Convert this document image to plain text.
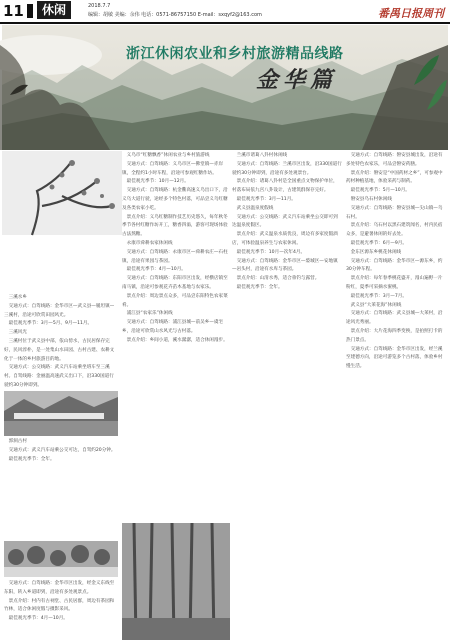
11	休闲	2018.7.7
编辑：胡敏 美编：余伟 电话：0571-86757150 E-mail：sxqyf2@163.com	番禺日报周刊
浙江休闲农业和乡村旅游精品线路
金华篇

三溪水乡

交通方式：自驾线路：金华市区—武义县—履坦镇—三溪村，沿途可欣赏田园风光。

最佳观光季节：3月—5月、9月—11月。

三溪风光

三溪村位于武义县中部，依山傍水，古民居保存完好，民风淳朴，是一处集山水田园、古村古建、农耕文化于一体的乡村旅游目的地。

交通方式：公交线路：武义汽车站乘坐班车至三溪村。自驾线路：金丽温高速武义出口下，沿330国道行驶约30分钟即到。

郭洞古村

交通方式：武义汽车站乘公交可达，自驾约20分钟。

最佳观光季节：全年。

交通方式：自驾线路：金华市区出发，经金义东线至东阳，转入乡道即到，沿途有多处观景点。

景点介绍：村内有古祠堂、古民居群，周边有茶园和竹林，适合休闲度假与摄影采风。

最佳观光季节：4月—10月。

义乌市“红糖飘香”休闲农业与乡村旅游线

交通方式：自驾线路：义乌市区—佛堂镇—赤岸镇，全程约1小时车程，沿途可参观红糖作坊。

最佳观光季节：10月—12月。

交通方式：自驾线路：杭金衢高速义乌出口下，沿义乌大道行驶，途经多个特色村落，可品尝义乌红糖及各类农家小吃。

景点介绍：义乌红糖制作技艺历史悠久，每年秋冬季节各村红糖作坊开工，糖香四溢，游客可现场体验古法熬糖。

永康市舜耕农家休闲线

交通方式：自驾线路：永康市区—舜耕农庄—石柱镇，沿途有果园与茶园。

最佳观光季节：4月—10月。

交通方式：自驾线路：东阳市区出发，经横店镇至南马镇，沿途可参观花卉苗木基地与农家乐。

景点介绍：周边景点众多，可品尝东阳特色农家菜肴。

浦江县“农家乐”休闲线

交通方式：自驾线路：浦江县城—前吴乡—虞宅乡，沿途可欣赏山水风光与古村落。

景点介绍：乡间小道，溪水潺潺，适合休闲漫步。

兰溪市诸葛八卦村休闲线

交通方式：自驾线路：兰溪市区出发，沿330国道行驶约30分钟即到，沿途有多处观景台。

景点介绍：诸葛八卦村是全国重点文物保护单位，村落布局依九宫八卦设计，古建筑群保存完好。

最佳观光季节：3月—11月。

武义县温泉度假线

交通方式：公交线路：武义汽车站乘坐公交即可到达温泉度假区。

景点介绍：武义温泉水质优良，周边有多家度假酒店，可体验温泉养生与农家休闲。

最佳观光季节：10月—次年4月。

交通方式：自驾线路：金华市区—婺城区—安地镇—岩头村，沿途有水库与茶园。

景点介绍：山清水秀，适合垂钓与露营。

最佳观光季节：全年。

交通方式：自驾线路：磐安县城出发，沿途有多处特色农家乐，可品尝磐安药膳。

景点介绍：磐安是“中国药材之乡”，可参观中药材种植基地，体验采药与制药。

最佳观光季节：5月—10月。

磐安县乌石村休闲线

交通方式：自驾线路：磐安县城—尖山镇—乌石村。

景点介绍：乌石村以黑石建筑闻名，村内民宿众多，是避暑休闲的好去处。

最佳观光季节：6月—9月。

金东区源东乡桃花休闲线

交通方式：自驾线路：金华市区—源东乡，约30分钟车程。

景点介绍：每年春季桃花盛开，漫山遍野一片粉红，夏季可采摘水蜜桃。

最佳观光季节：3月—7月。

武义县“大莱花海”休闲线

交通方式：自驾线路：武义县城—大莱村，沿途风光秀丽。

景点介绍：大片花海四季变换，是拍照打卡的热门景点。

交通方式：自驾线路：金华市区出发，经兰溪至建德方向，沿途可游览多个古村落，体验乡村慢生活。
